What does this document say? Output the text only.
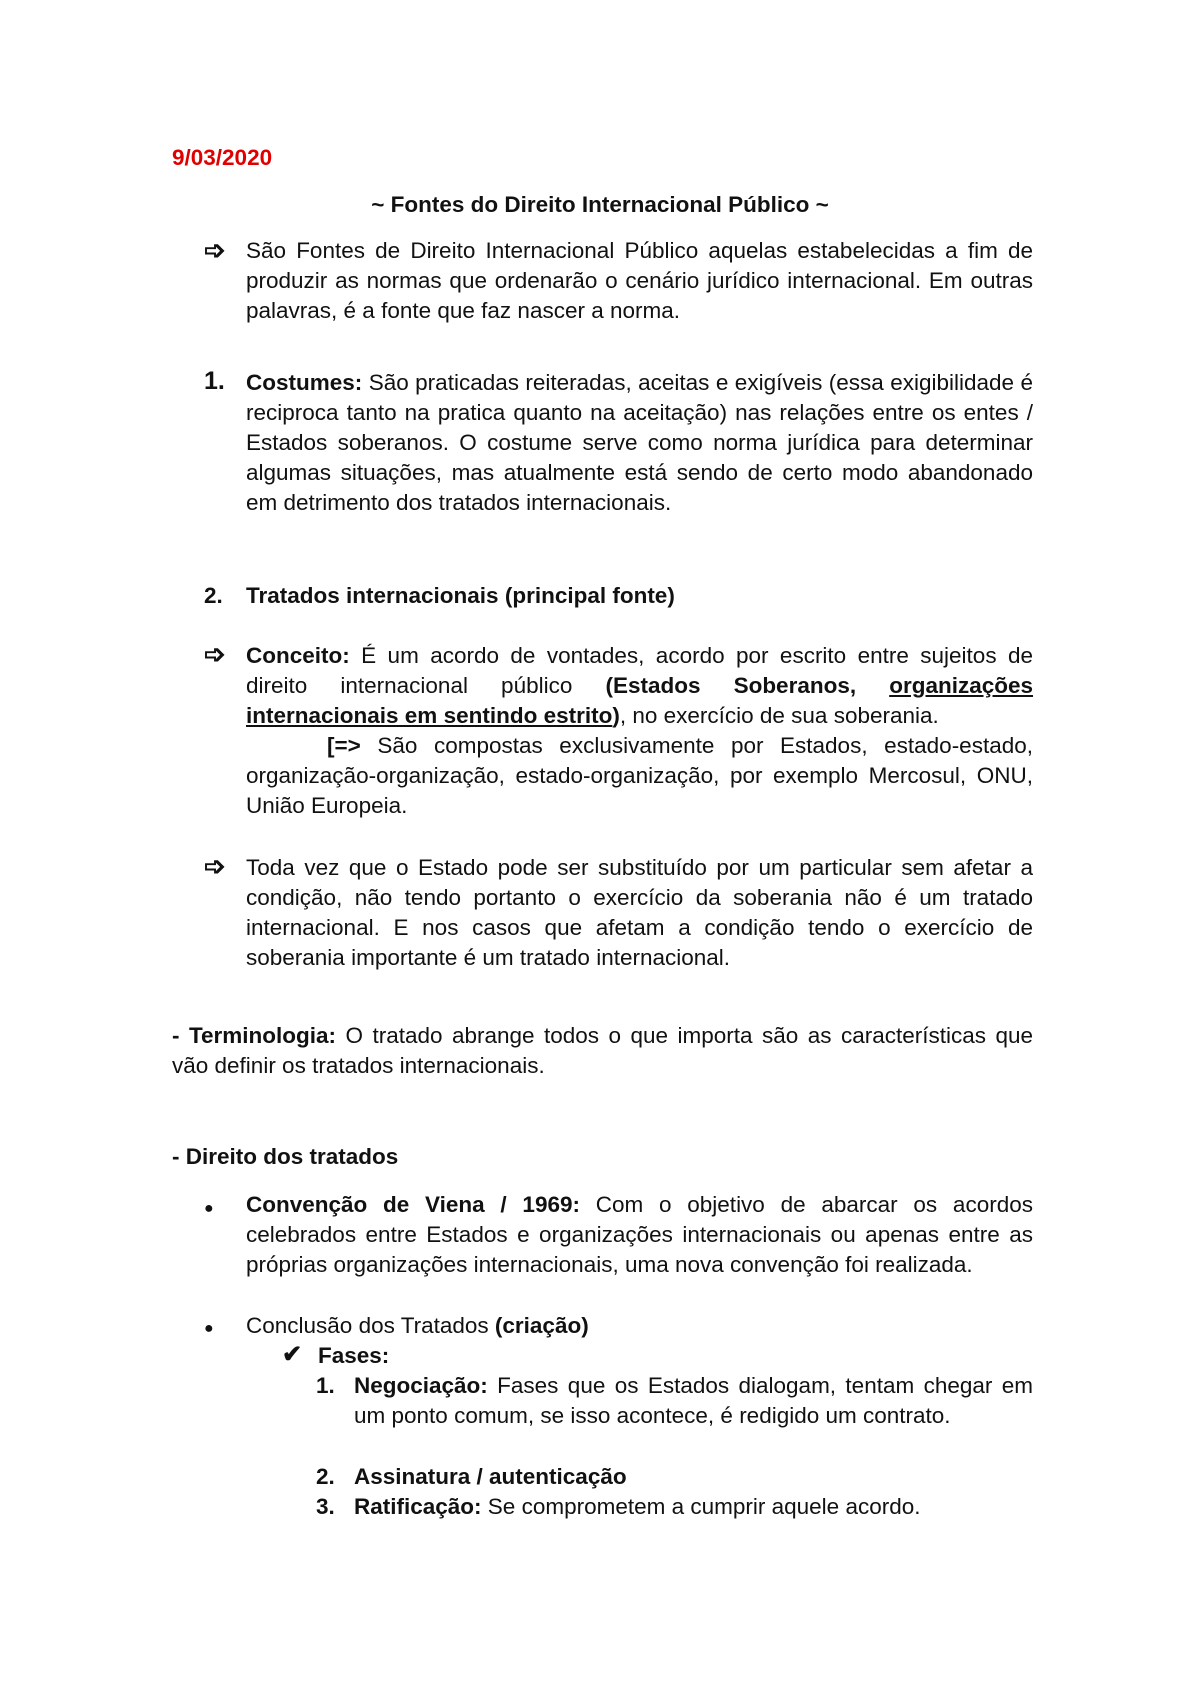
9/03/2020
~ Fontes do Direito Internacional Público ~
➩ São Fontes de Direito Internacional Público aquelas estabelecidas a fim de produzir as normas que ordenarão o cenário jurídico internacional. Em outras palavras, é a fonte que faz nascer a norma.
1. Costumes: São praticadas reiteradas, aceitas e exigíveis (essa exigibilidade é reciproca tanto na pratica quanto na aceitação) nas relações entre os entes / Estados soberanos. O costume serve como norma jurídica para determinar algumas situações, mas atualmente está sendo de certo modo abandonado em detrimento dos tratados internacionais.
2. Tratados internacionais (principal fonte)
➩ Conceito: É um acordo de vontades, acordo por escrito entre sujeitos de direito internacional público (Estados Soberanos, organizações internacionais em sentindo estrito), no exercício de sua soberania.
[=> São compostas exclusivamente por Estados, estado-estado, organização-organização, estado-organização, por exemplo Mercosul, ONU, União Europeia.
➩ Toda vez que o Estado pode ser substituído por um particular sem afetar a condição, não tendo portanto o exercício da soberania não é um tratado internacional. E nos casos que afetam a condição tendo o exercício de soberania importante é um tratado internacional.
- Terminologia: O tratado abrange todos o que importa são as características que vão definir os tratados internacionais.
- Direito dos tratados
● Convenção de Viena / 1969: Com o objetivo de abarcar os acordos celebrados entre Estados e organizações internacionais ou apenas entre as próprias organizações internacionais, uma nova convenção foi realizada.
● Conclusão dos Tratados (criação)
✔ Fases:
1. Negociação: Fases que os Estados dialogam, tentam chegar em um ponto comum, se isso acontece, é redigido um contrato.
2. Assinatura / autenticação
3. Ratificação: Se comprometem a cumprir aquele acordo.
